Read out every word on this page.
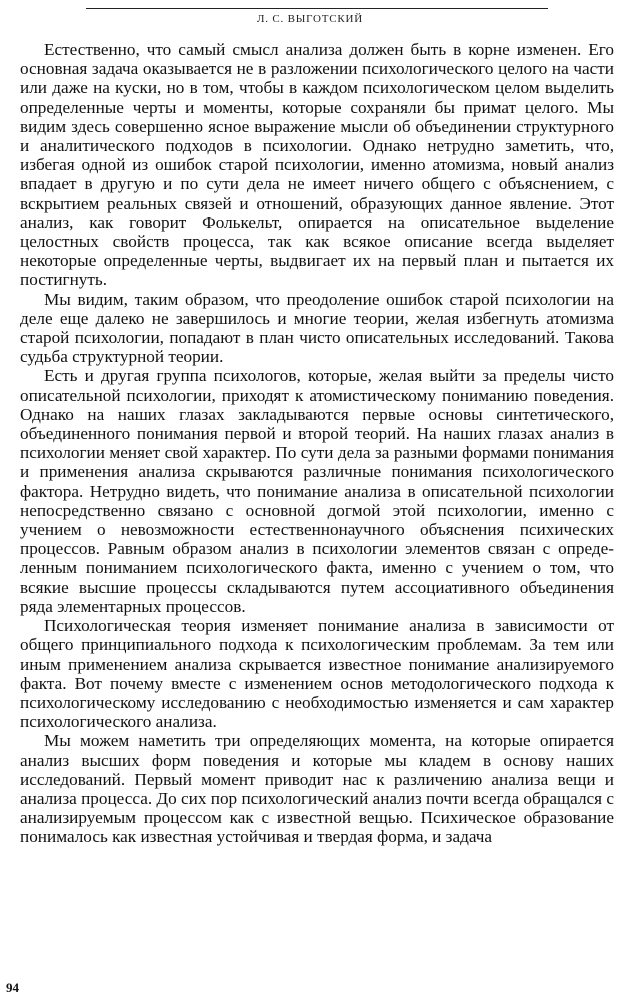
Л. С. ВЫГОТСКИЙ

Естественно, что самый смысл анализа должен быть в корне изменен. Его основная задача оказывается не в разложении психологического целого на части или даже на куски, но в том, чтобы в каждом психологическом целом выделить определенные черты и моменты, которые сохраняли бы примат целого. Мы видим здесь совершенно ясное выражение мысли об объединении структурного и аналитического подходов в психологии. Однако нетрудно заметить, что, избегая одной из ошибок старой психологии, именно атомизма, новый анализ впадает в другую и по сути дела не имеет ничего общего с объяснением, с вскрытием реальных связей и отношений, образующих данное явление. Этот анализ, как говорит Фолькельт, опирается на описательное выделение целостных свойств процесса, так как всякое описание всегда выделяет некоторые определенные черты, выдвигает их на первый план и пытается их постигнуть.

Мы видим, таким образом, что преодоление ошибок старой психологии на деле еще далеко не завершилось и многие теории, желая избегнуть атомизма старой психологии, попадают в план чисто описательных исследований. Такова судьба структурной теории.

Есть и другая группа психологов, которые, желая выйти за пределы чисто описательной психологии, приходят к атомистическому пониманию поведения. Однако на наших глазах закладываются первые основы синтетического, объединенного понимания первой и второй теорий. На наших глазах анализ в психологии меняет свой характер. По сути дела за разными формами понимания и применения анализа скрываются различные понимания психологического фактора. Нетрудно видеть, что понимание анализа в описательной психологии непосредственно связано с основной догмой этой психологии, именно с учением о невозможности естественнонаучного объяснения психических процессов. Равным образом анализ в психологии элементов связан с определенным пониманием психологического факта, именно с учением о том, что всякие высшие процессы складываются путем ассоциативного объединения ряда элементарных процессов.

Психологическая теория изменяет понимание анализа в зависимости от общего принципиального подхода к психологическим проблемам. За тем или иным применением анализа скрывается известное понимание анализируемого факта. Вот почему вместе с изменением основ методологического подхода к психологическому исследованию с необходимостью изменяется и сам характер психологического анализа.

Мы можем наметить три определяющих момента, на которые опирается анализ высших форм поведения и которые мы кладем в основу наших исследований. Первый момент приводит нас к различению анализа вещи и анализа процесса. До сих пор психологический анализ почти всегда обращался с анализируемым процессом как с известной вещью. Психическое образование понималось как известная устойчивая и твердая форма, и задача

94
